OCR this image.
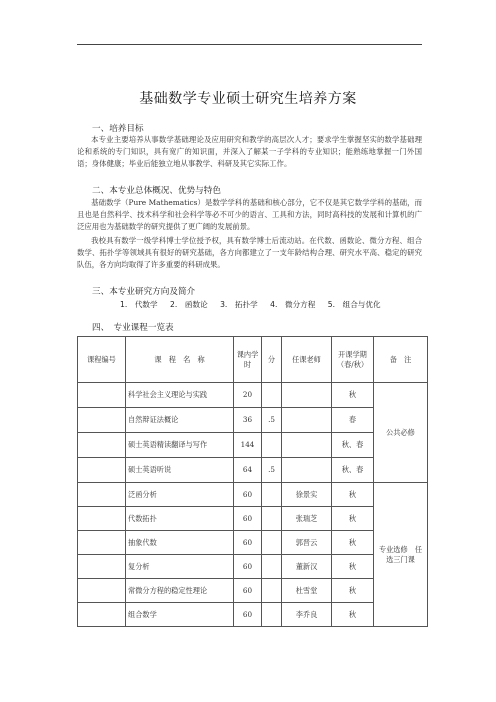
基础数学专业硕士研究生培养方案
一、培养目标
本专业主要培养从事数学基础理论及应用研究和教学的高层次人才；要求学生掌握坚实的数学基础理论和系统的专门知识，具有宽广的知识面，并深入了解某一子学科的专业知识；能熟练地掌握一门外国语；身体健康；毕业后能独立地从事教学、科研及其它实际工作。
二、本专业总体概况、优势与特色
基础数学（Pure Mathematics）是数学学科的基础和核心部分，它不仅是其它数学学科的基础，而且也是自然科学、技术科学和社会科学等必不可少的语言、工具和方法，同时高科技的发展和计算机的广泛应用也为基础数学的研究提供了更广阔的发展前景。
我校具有数学一级学科博士学位授予权，具有数学博士后流动站。在代数、函数论、微分方程、组合数学、拓扑学等领域具有很好的研究基础，各方向都建立了一支年龄结构合理、研究水平高、稳定的研究队伍，各方向均取得了许多重要的科研成果。
三、本专业研究方向及简介
1.　代数学 2.　函数论 3.　拓扑学 4.　微分方程 5.　组合与优化
四、　专业课程一览表
课程编号	课　程　名　称	课内学时	分	任课老师	开课学期（春/秋）	备　注
	科学社会主义理论与实践	20			秋	公共必修
	自然辩证法概论	36	.5		春	
	硕士英语精读翻译与写作	144			秋、春	
	硕士英语听说	64	.5		秋、春	
	泛函分析	60		徐景实	秋	专业选修　任选三门课
	代数拓扑	60		张瑞芝	秋	
	抽象代数	60		郭晋云	秋	
	复分析	60		董新汉	秋	
	常微分方程的稳定性理论	60		杜雪堂	秋	
	组合数学	60		李乔良	秋	
